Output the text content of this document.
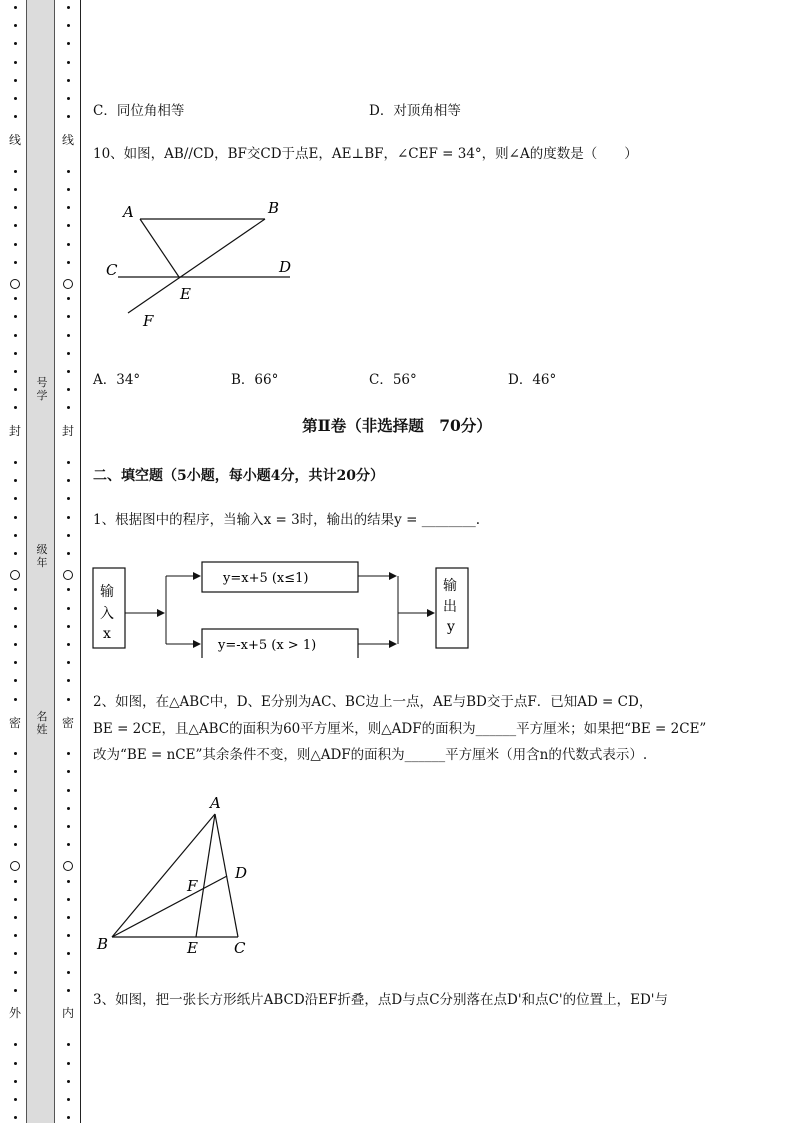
线
封
密
外
线
封
密
内
号学
级年
名姓
C．同位角相等	D．对顶角相等
10、如图，AB//CD，BF交CD于点E，AE⊥BF，∠CEF = 34°，则∠A的度数是（　　）
A	B
C	D
E
F
A．34°	B．66°	C．56°	D．46°
第Ⅱ卷（非选择题　70分）
二、填空题（5小题，每小题4分，共计20分）
1、根据图中的程序，当输入x = 3时，输出的结果y = ________.
输
入
x
y=x+5 (x≤1)
y=-x+5 (x > 1)
输
出
y
2、如图，在△ABC中，D、E分别为AC、BC边上一点，AE与BD交于点F．已知AD = CD，
BE = 2CE，且△ABC的面积为60平方厘米，则△ADF的面积为______平方厘米；如果把“BE = 2CE”
改为“BE = nCE”其余条件不变，则△ADF的面积为______平方厘米（用含n的代数式表示）.
A
B	C
D
E
F
3、如图，把一张长方形纸片ABCD沿EF折叠，点D与点C分别落在点D'和点C'的位置上，ED'与
